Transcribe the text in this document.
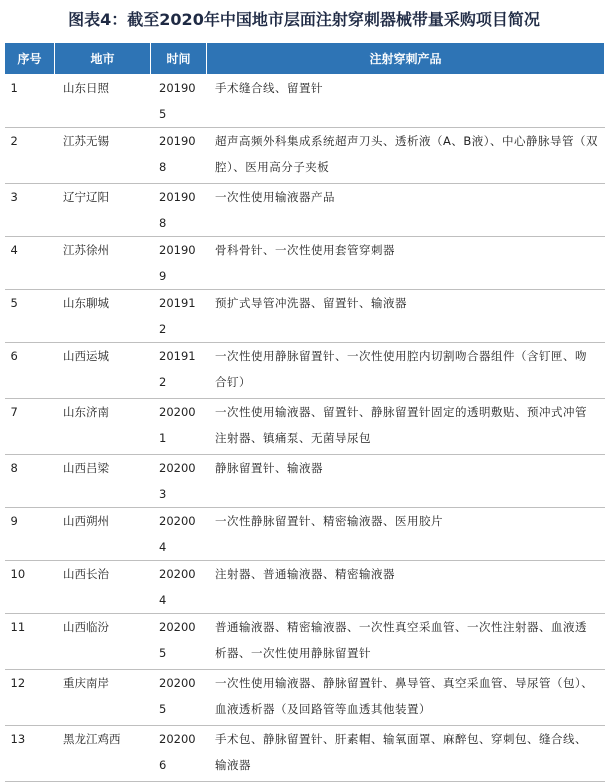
图表4：截至2020年中国地市层面注射穿刺器械带量采购项目简况
序号	地市	时间	注射穿刺产品
1	山东日照	201905	手术缝合线、留置针
2	江苏无锡	201908	超声高频外科集成系统超声刀头、透析液（A、B液）、中心静脉导管（双腔）、医用高分子夹板
3	辽宁辽阳	201908	一次性使用输液器产品
4	江苏徐州	201909	骨科骨针、一次性使用套管穿刺器
5	山东聊城	201912	预扩式导管冲洗器、留置针、输液器
6	山西运城	201912	一次性使用静脉留置针、一次性使用腔内切割吻合器组件（含钉匣、吻合钉）
7	山东济南	202001	一次性使用输液器、留置针、静脉留置针固定的透明敷贴、预冲式冲管注射器、镇痛泵、无菌导尿包
8	山西吕梁	202003	静脉留置针、输液器
9	山西朔州	202004	一次性静脉留置针、精密输液器、医用胶片
10	山西长治	202004	注射器、普通输液器、精密输液器
11	山西临汾	202005	普通输液器、精密输液器、一次性真空采血管、一次性注射器、血液透析器、一次性使用静脉留置针
12	重庆南岸	202005	一次性使用输液器、静脉留置针、鼻导管、真空采血管、导尿管（包）、血液透析器（及回路管等血透其他装置）
13	黑龙江鸡西	202006	手术包、静脉留置针、肝素帽、输氧面罩、麻醉包、穿刺包、缝合线、输液器
